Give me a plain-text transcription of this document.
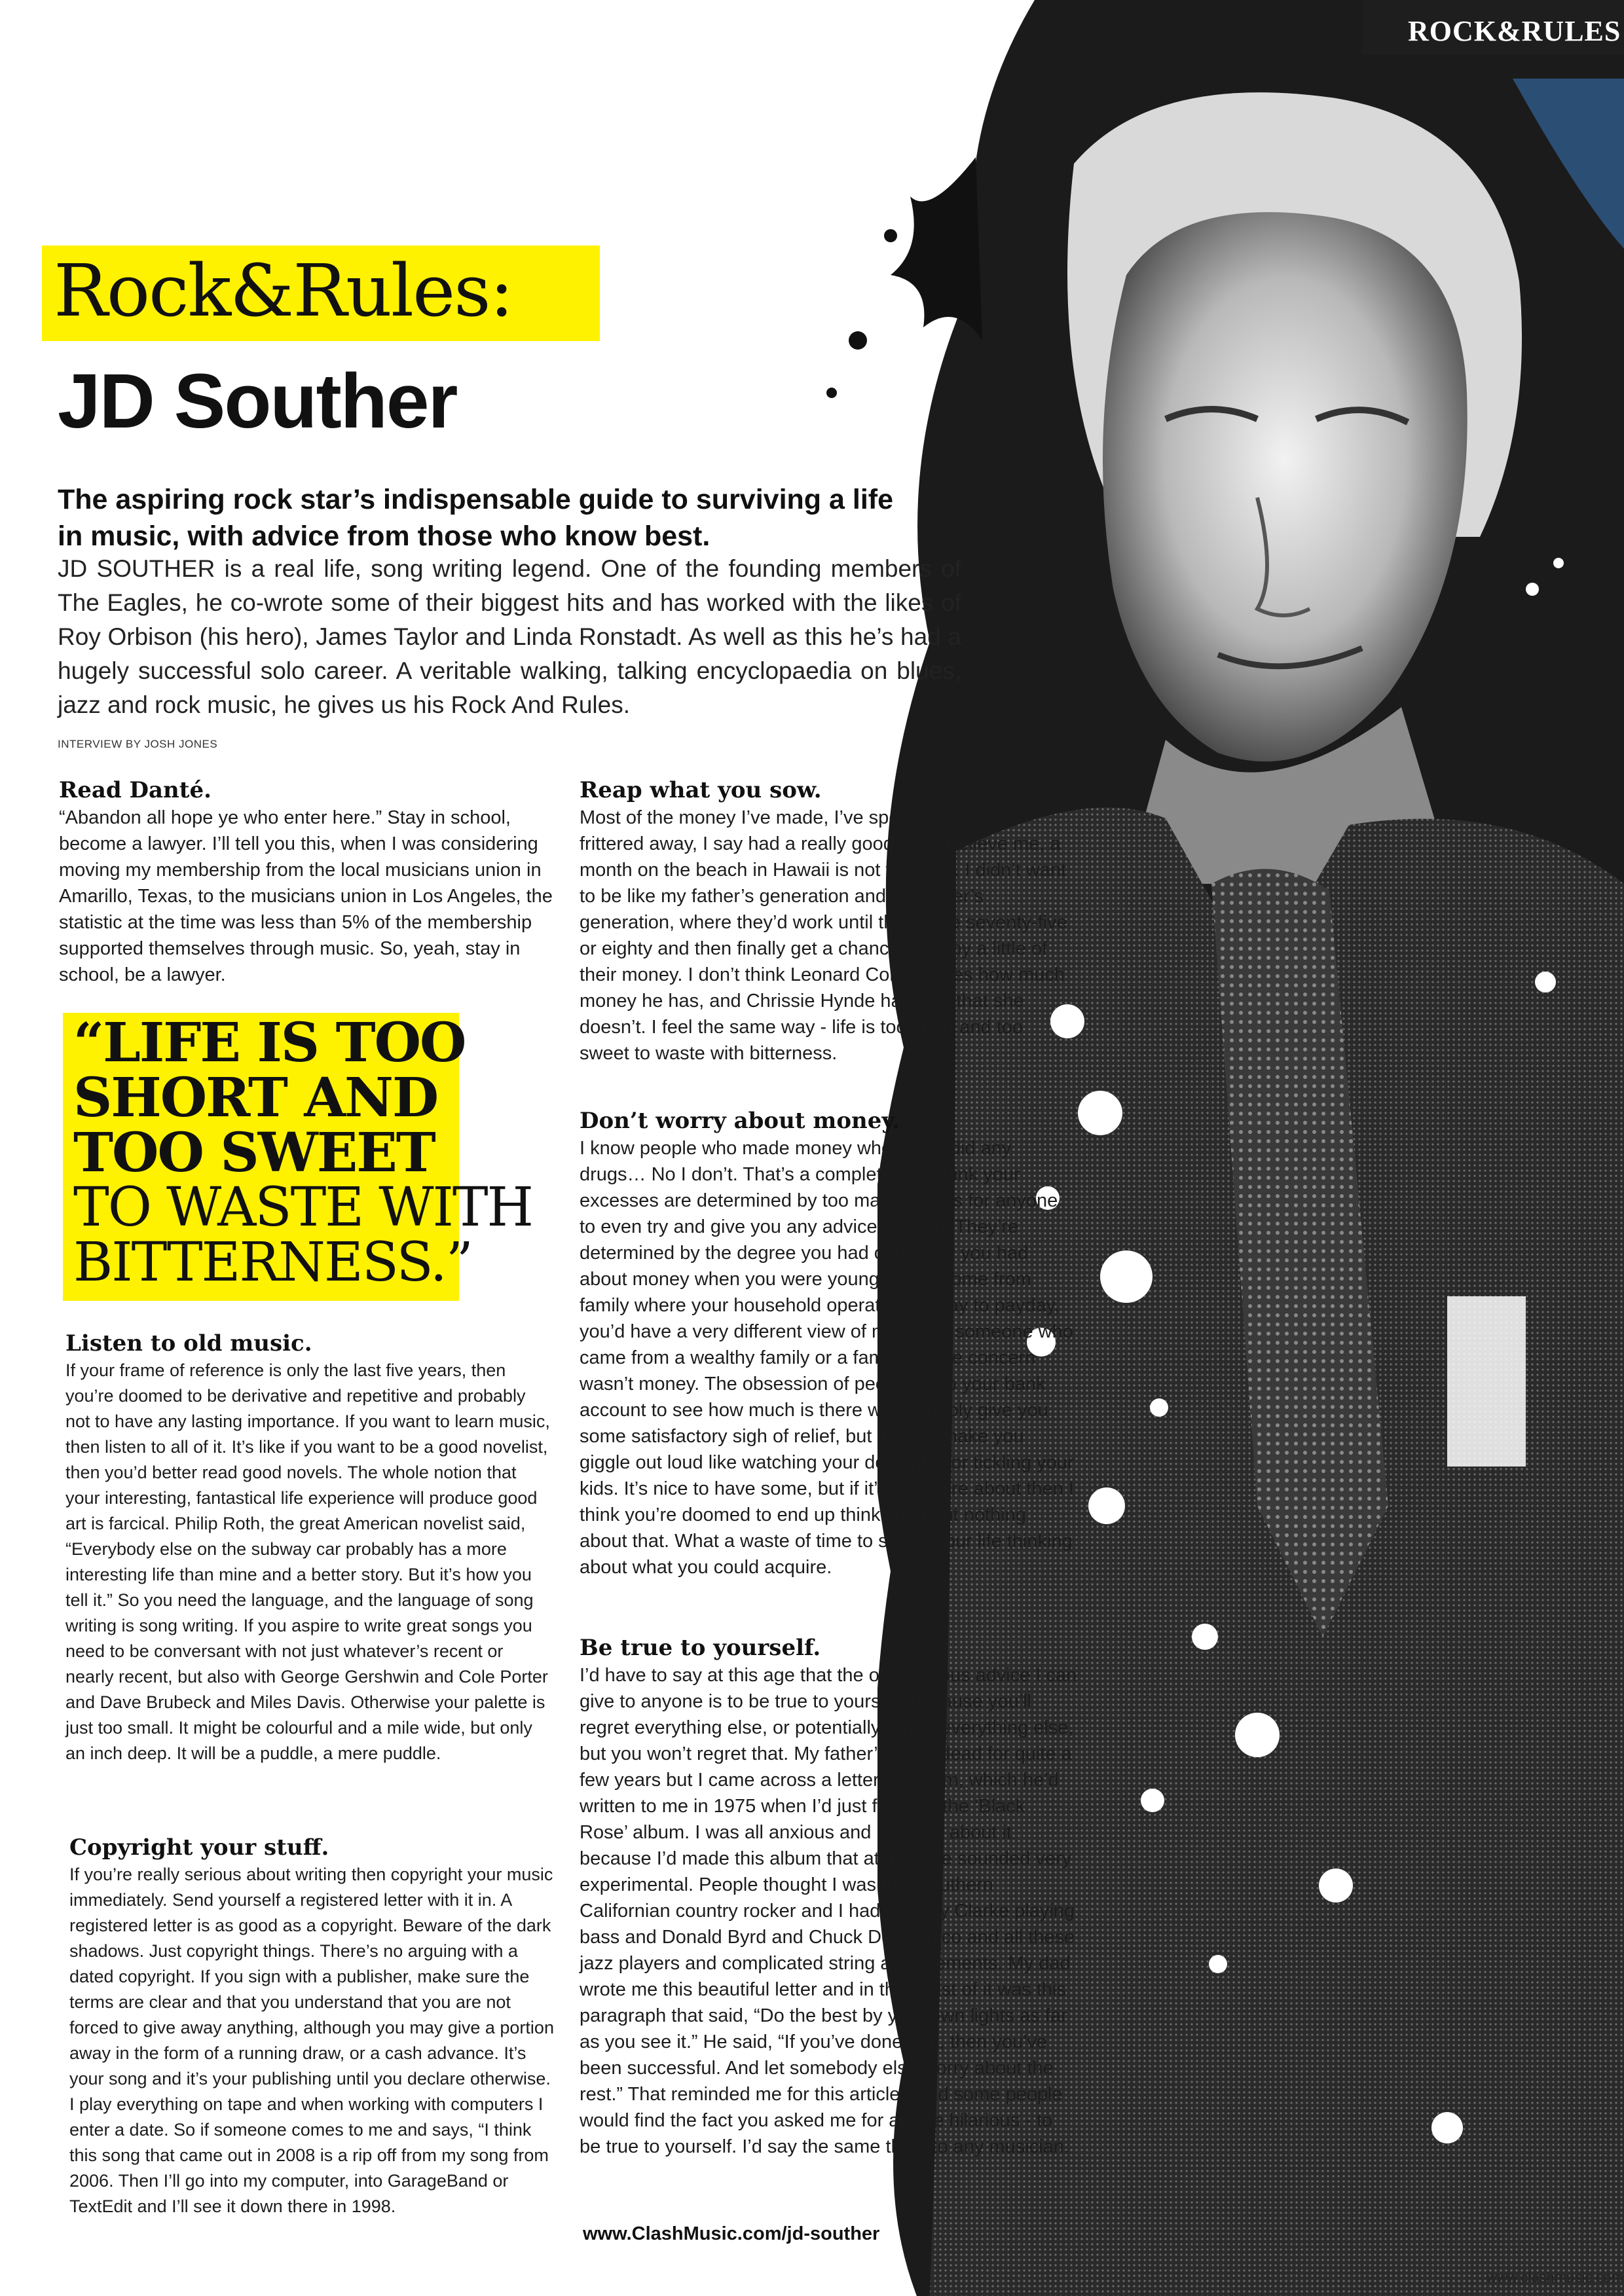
ROCK&RULES
Rock&Rules:
JD Souther
The aspiring rock star’s indispensable guide to surviving a life in music, with advice from those who know best.
JD SOUTHER is a real life, song writing legend. One of the founding members of The Eagles, he co-wrote some of their biggest hits and has worked with the likes of Roy Orbison (his hero), James Taylor and Linda Ronstadt. As well as this he’s had a hugely successful solo career. A veritable walking, talking encyclopaedia on blues, jazz and rock music, he gives us his Rock And Rules.
INTERVIEW BY JOSH JONES
Read Danté.

“Abandon all hope ye who enter here.” Stay in school, become a lawyer. I’ll tell you this, when I was considering moving my membership from the local musicians union in Amarillo, Texas, to the musicians union in Los Angeles, the statistic at the time was less than 5% of the membership supported themselves through music. So, yeah, stay in school, be a lawyer.

“LIFE IS TOO
SHORT AND
TOO SWEET
TO WASTE WITH
BITTERNESS.”
Listen to old music.

If your frame of reference is only the last five years, then you’re doomed to be derivative and repetitive and probably not to have any lasting importance. If you want to learn music, then listen to all of it. It’s like if you want to be a good novelist, then you’d better read good novels. The whole notion that your interesting, fantastical life experience will produce good art is farcical. Philip Roth, the great American novelist said, “Everybody else on the subway car probably has a more interesting life than mine and a better story. But it’s how you tell it.” So you need the language, and the language of song writing is song writing. If you aspire to write great songs you need to be conversant with not just whatever’s recent or nearly recent, but also with George Gershwin and Cole Porter and Dave Brubeck and Miles Davis. Otherwise your palette is just too small. It might be colourful and a mile wide, but only an inch deep. It will be a puddle, a mere puddle.

Copyright your stuff.

If you’re really serious about writing then copyright your music immediately. Send yourself a registered letter with it in. A registered letter is as good as a copyright. Beware of the dark shadows. Just copyright things. There’s no arguing with a dated copyright. If you sign with a publisher, make sure the terms are clear and that you understand that you are not forced to give away anything, although you may give a portion away in the form of a running draw, or a cash advance. It’s your song and it’s your publishing until you declare otherwise. I play everything on tape and when working with computers I enter a date. So if someone comes to me and says, “I think this song that came out in 2008 is a rip off from my song from 2006. Then I’ll go into my computer, into GarageBand or TextEdit and I’ll see it down there in 1998.

Reap what you sow.

Most of the money I’ve made, I’ve spent. Some say frittered away, I say had a really good time. Believe me, a month on the beach in Hawaii is not frittering. I didn’t want to be like my father’s generation and his father’s generation, where they’d work until they were seventy-five or eighty and then finally get a chance to enjoy a little of their money. I don’t think Leonard Cohen cares how much money he has, and Chrissie Hynde has said that she doesn’t. I feel the same way - life is too short and too sweet to waste with bitterness.

Don’t worry about money.

I know people who made money who never did any drugs… No I don’t. That’s a complete lie. I think your excesses are determined by too many factors for anyone to even try and give you any advice about it. They’re determined by the degree you had of anxiety you had about money when you were young. If you come from family where your household operated payday to payday, you’d have a very different view of money to someone who came from a wealthy family or a family whose concern wasn’t money. The obsession of peeking into your bank account to see how much is there will probably give you some satisfactory sigh of relief, but it won’t make you giggle out loud like watching your dogs play or tickling your kids. It’s nice to have some, but if it’s all you’re about then I think you’re doomed to end up thinking about nothing about that. What a waste of time to spend your life thinking about what you could acquire.

Be true to yourself.

I’d have to say at this age that the only serious advice I can give to anyone is to be true to yourself, because you’ll regret everything else, or potentially regret everything else, but you won’t regret that. My father’s been dead for quite a few years but I came across a letter from him, which he’d written to me in 1975 when I’d just finished the ‘Black Rose’ album. I was all anxious and nervous about it because I’d made this album that at the time sounded very experimental. People thought I was this Southern Californian country rocker and I had Stanley Clarke playing bass and Donald Byrd and Chuck Del’Monico and all these jazz players and complicated string arrangements. My dad wrote me this beautiful letter and in the midst of it was this paragraph that said, “Do the best by your own lights as far as you see it.” He said, “If you’ve done that, then you’ve been successful. And let somebody else worry about the rest.” That reminded me for this article - and some people would find the fact you asked me for advice hilarious - to be true to yourself. I’d say the same thing to any musician.

www.ClashMusic.com/jd-souther
www.clashmusic.com
